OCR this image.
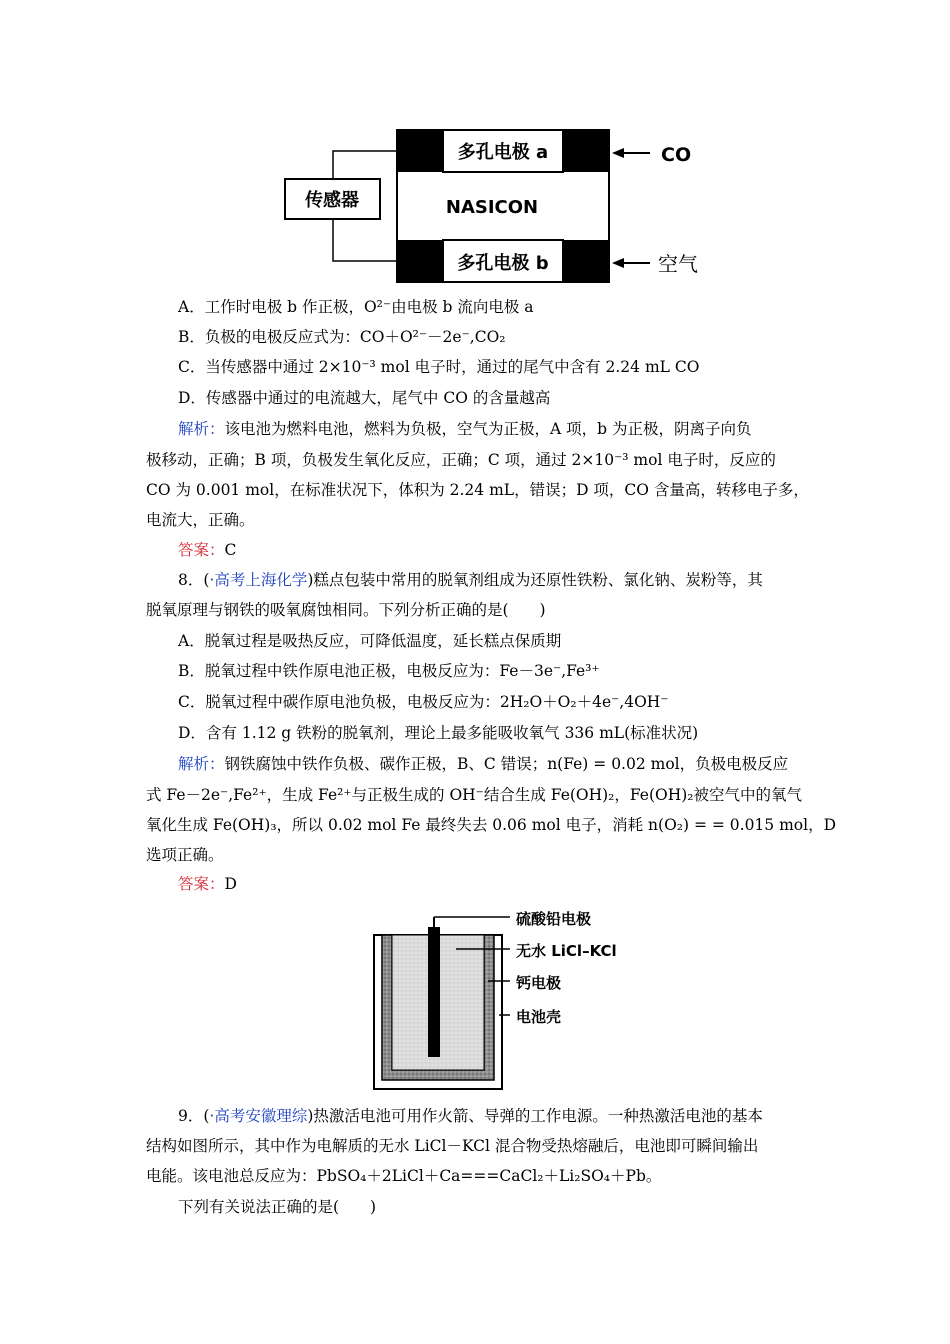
多孔电极 a
NASICON
多孔电极 b
传感器
CO
空气
A．工作时电极 b 作正极，O²⁻由电极 b 流向电极 a
B．负极的电极反应式为：CO＋O²⁻－2e⁻,CO₂
C．当传感器中通过 2×10⁻³ mol 电子时，通过的尾气中含有 2.24 mL CO
D．传感器中通过的电流越大，尾气中 CO 的含量越高
解析：该电池为燃料电池，燃料为负极，空气为正极，A 项，b 为正极，阴离子向负
极移动，正确；B 项，负极发生氧化反应，正确；C 项，通过 2×10⁻³ mol 电子时，反应的
CO 为 0.001 mol，在标准状况下，体积为 2.24 mL，错误；D 项，CO 含量高，转移电子多，
电流大，正确。
答案：C
8．(·高考上海化学)糕点包装中常用的脱氧剂组成为还原性铁粉、氯化钠、炭粉等，其
脱氧原理与钢铁的吸氧腐蚀相同。下列分析正确的是(　　)
A．脱氧过程是吸热反应，可降低温度，延长糕点保质期
B．脱氧过程中铁作原电池正极，电极反应为：Fe－3e⁻,Fe³⁺
C．脱氧过程中碳作原电池负极，电极反应为：2H₂O＋O₂＋4e⁻,4OH⁻
D．含有 1.12 g 铁粉的脱氧剂，理论上最多能吸收氧气 336 mL(标准状况)
解析：钢铁腐蚀中铁作负极、碳作正极，B、C 错误；n(Fe) = 0.02 mol，负极电极反应
式 Fe－2e⁻,Fe²⁺，生成 Fe²⁺与正极生成的 OH⁻结合生成 Fe(OH)₂，Fe(OH)₂被空气中的氧气
氧化生成 Fe(OH)₃，所以 0.02 mol Fe 最终失去 0.06 mol 电子，消耗 n(O₂) = = 0.015 mol，D
选项正确。
答案：D
硫酸铅电极
无水 LiCl–KCl
钙电极
电池壳
9．(·高考安徽理综)热激活电池可用作火箭、导弹的工作电源。一种热激活电池的基本
结构如图所示，其中作为电解质的无水 LiCl－KCl 混合物受热熔融后，电池即可瞬间输出
电能。该电池总反应为：PbSO₄＋2LiCl＋Ca===CaCl₂＋Li₂SO₄＋Pb。
下列有关说法正确的是(　　)
